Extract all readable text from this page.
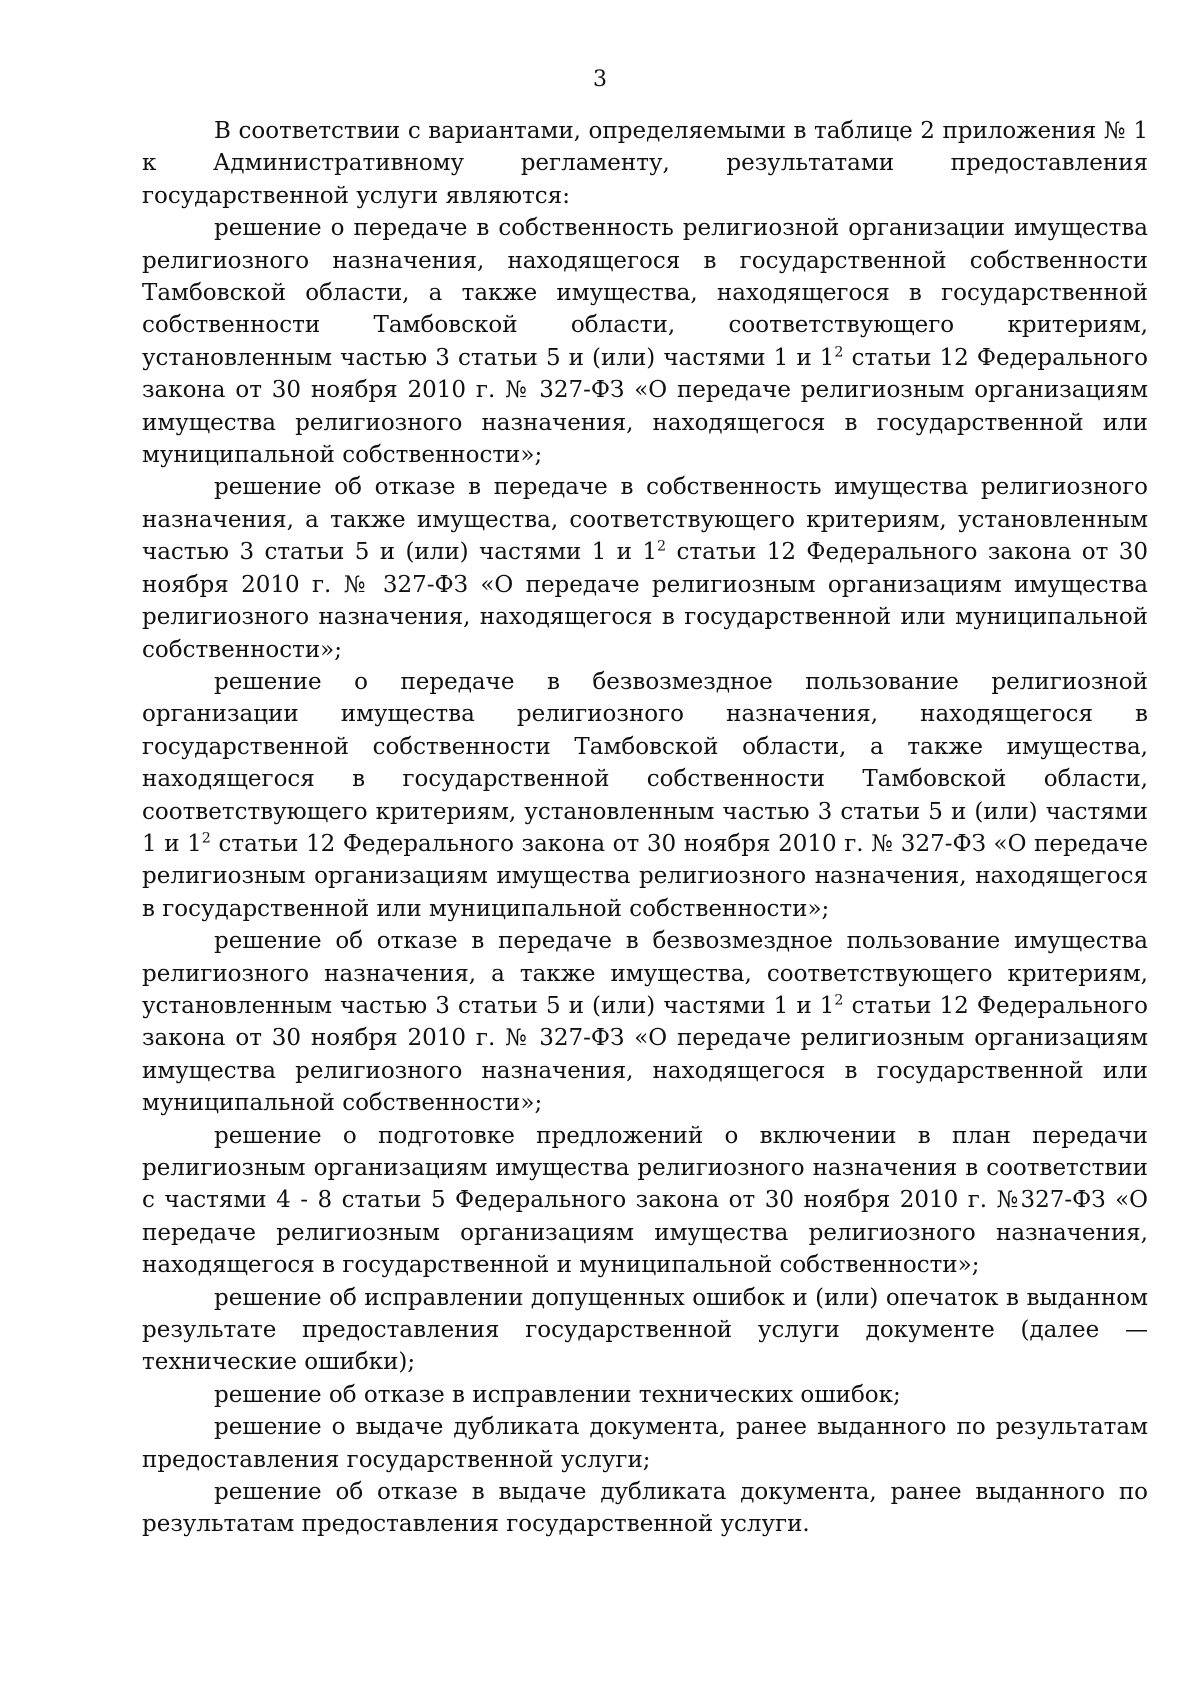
3

В соответствии с вариантами, определяемыми в таблице 2 приложения № 1 к Административному регламенту, результатами предоставления государственной услуги являются:

решение о передаче в собственность религиозной организации имущества религиозного назначения, находящегося в государственной собственности Тамбовской области, а также имущества, находящегося в государственной собственности Тамбовской области, соответствующего критериям, установленным частью 3 статьи 5 и (или) частями 1 и $1^2$ статьи 12 Федерального закона от 30 ноября 2010 г. № 327-ФЗ «О передаче религиозным организациям имущества религиозного назначения, находящегося в государственной или муниципальной собственности»;

решение об отказе в передаче в собственность имущества религиозного назначения, а также имущества, соответствующего критериям, установленным частью 3 статьи 5 и (или) частями 1 и $1^2$ статьи 12 Федерального закона от 30 ноября 2010 г. № 327-ФЗ «О передаче религиозным организациям имущества религиозного назначения, находящегося в государственной или муниципальной собственности»;

решение о передаче в безвозмездное пользование религиозной организации имущества религиозного назначения, находящегося в государственной собственности Тамбовской области, а также имущества, находящегося в государственной собственности Тамбовской области, соответствующего критериям, установленным частью 3 статьи 5 и (или) частями 1 и $1^2$ статьи 12 Федерального закона от 30 ноября 2010 г. № 327-ФЗ «О передаче религиозным организациям имущества религиозного назначения, находящегося в государственной или муниципальной собственности»;

решение об отказе в передаче в безвозмездное пользование имущества религиозного назначения, а также имущества, соответствующего критериям, установленным частью 3 статьи 5 и (или) частями 1 и $1^2$ статьи 12 Федерального закона от 30 ноября 2010 г. № 327-ФЗ «О передаче религиозным организациям имущества религиозного назначения, находящегося в государственной или муниципальной собственности»;

решение о подготовке предложений о включении в план передачи религиозным организациям имущества религиозного назначения в соответствии с частями 4 - 8 статьи 5 Федерального закона от 30 ноября 2010 г. №327-ФЗ «О передаче религиозным организациям имущества религиозного назначения, находящегося в государственной и муниципальной собственности»;

решение об исправлении допущенных ошибок и (или) опечаток в выданном результате предоставления государственной услуги документе (далее — технические ошибки);

решение об отказе в исправлении технических ошибок;

решение о выдаче дубликата документа, ранее выданного по результатам предоставления государственной услуги;

решение об отказе в выдаче дубликата документа, ранее выданного по результатам предоставления государственной услуги.
